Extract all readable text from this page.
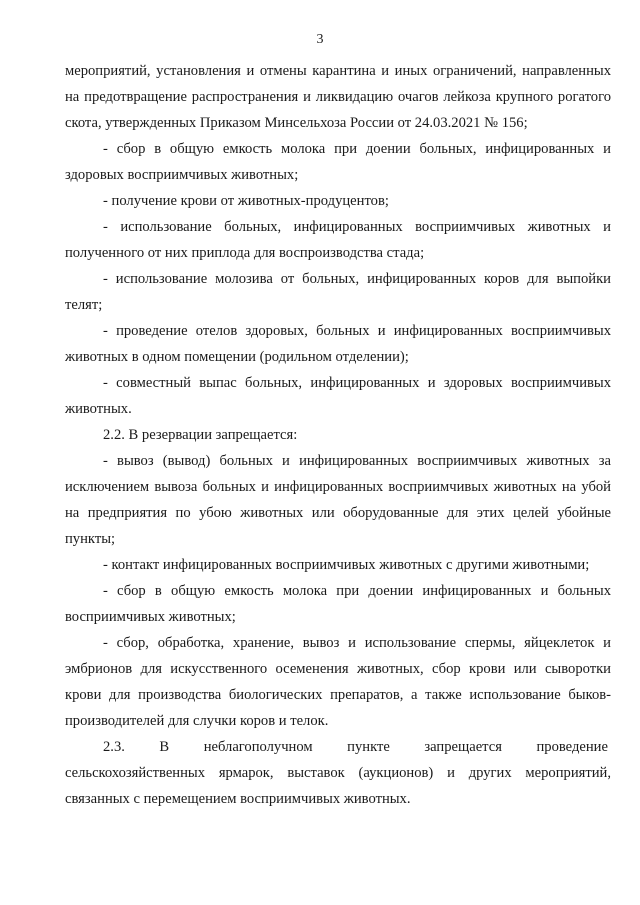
3

мероприятий, установления и отмены карантина и иных ограничений, направленных на предотвращение распространения и ликвидацию очагов лейкоза крупного рогатого скота, утвержденных Приказом Минсельхоза России от 24.03.2021 № 156;

- сбор в общую емкость молока при доении больных, инфицированных и здоровых восприимчивых животных;

- получение крови от животных-продуцентов;

- использование больных, инфицированных восприимчивых животных и полученного от них приплода для воспроизводства стада;

- использование молозива от больных, инфицированных коров для выпойки телят;

- проведение отелов здоровых, больных и инфицированных восприимчивых животных в одном помещении (родильном отделении);

- совместный выпас больных, инфицированных и здоровых восприимчивых животных.

2.2. В резервации запрещается:

- вывоз (вывод) больных и инфицированных восприимчивых животных за исключением вывоза больных и инфицированных восприимчивых животных на убой на предприятия по убою животных или оборудованные для этих целей убойные пункты;

- контакт инфицированных восприимчивых животных с другими животными;

- сбор в общую емкость молока при доении инфицированных и больных восприимчивых животных;

- сбор, обработка, хранение, вывоз и использование спермы, яйцеклеток и эмбрионов для искусственного осеменения животных, сбор крови или сыворотки крови для производства биологических препаратов, а также использование быков-производителей для случки коров и телок.

2.3. В неблагополучном пункте запрещается проведение

сельскохозяйственных ярмарок, выставок (аукционов) и других мероприятий, связанных с перемещением восприимчивых животных.
